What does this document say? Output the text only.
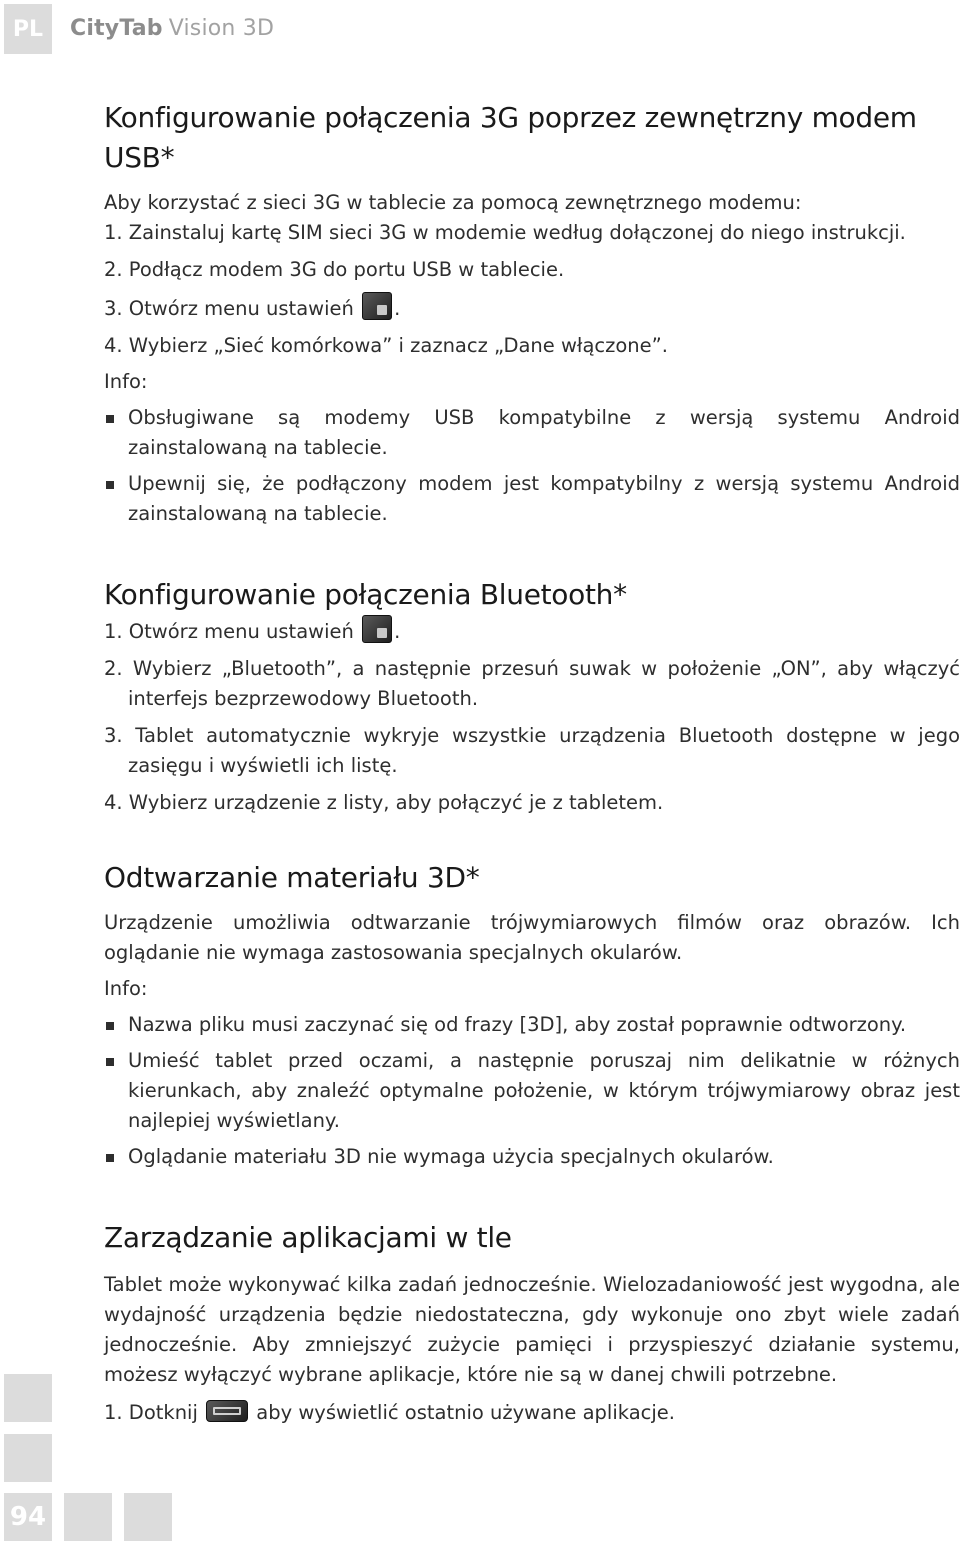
PL	CityTab Vision 3D
Konfigurowanie połączenia 3G poprzez zewnętrzny modem USB*

Aby korzystać z sieci 3G w tablecie za pomocą zewnętrznego modemu:

1. Zainstaluj kartę SIM sieci 3G w modemie według dołączonej do niego instrukcji.

2. Podłącz modem 3G do portu USB w tablecie.

3. Otwórz menu ustawień .

4. Wybierz „Sieć komórkowa” i zaznacz „Dane włączone”.

Info:

Obsługiwane są modemy USB kompatybilne z wersją systemu Android zainstalowaną na tablecie.

Upewnij się, że podłączony modem jest kompatybilny z wersją systemu Android zainstalowaną na tablecie.

Konfigurowanie połączenia Bluetooth*

1. Otwórz menu ustawień .

2. Wybierz „Bluetooth”, a następnie przesuń suwak w położenie „ON”, aby włączyć interfejs bezprzewodowy Bluetooth.

3. Tablet automatycznie wykryje wszystkie urządzenia Bluetooth dostępne w jego zasięgu i wyświetli ich listę.

4. Wybierz urządzenie z listy, aby połączyć je z tabletem.

Odtwarzanie materiału 3D*

Urządzenie umożliwia odtwarzanie trójwymiarowych filmów oraz obrazów. Ich oglądanie nie wymaga zastosowania specjalnych okularów.

Info:

Nazwa pliku musi zaczynać się od frazy [3D], aby został poprawnie odtworzony.

Umieść tablet przed oczami, a następnie poruszaj nim delikatnie w różnych kierunkach, aby znaleźć optymalne położenie, w którym trójwymiarowy obraz jest najlepiej wyświetlany.

Oglądanie materiału 3D nie wymaga użycia specjalnych okularów.

Zarządzanie aplikacjami w tle

Tablet może wykonywać kilka zadań jednocześnie. Wielozadaniowość jest wygodna, ale wydajność urządzenia będzie niedostateczna, gdy wykonuje ono zbyt wiele zadań jednocześnie. Aby zmniejszyć zużycie pamięci i przyspieszyć działanie systemu, możesz wyłączyć wybrane aplikacje, które nie są w danej chwili potrzebne.

1. Dotknij	aby wyświetlić ostatnio używane aplikacje.

94
